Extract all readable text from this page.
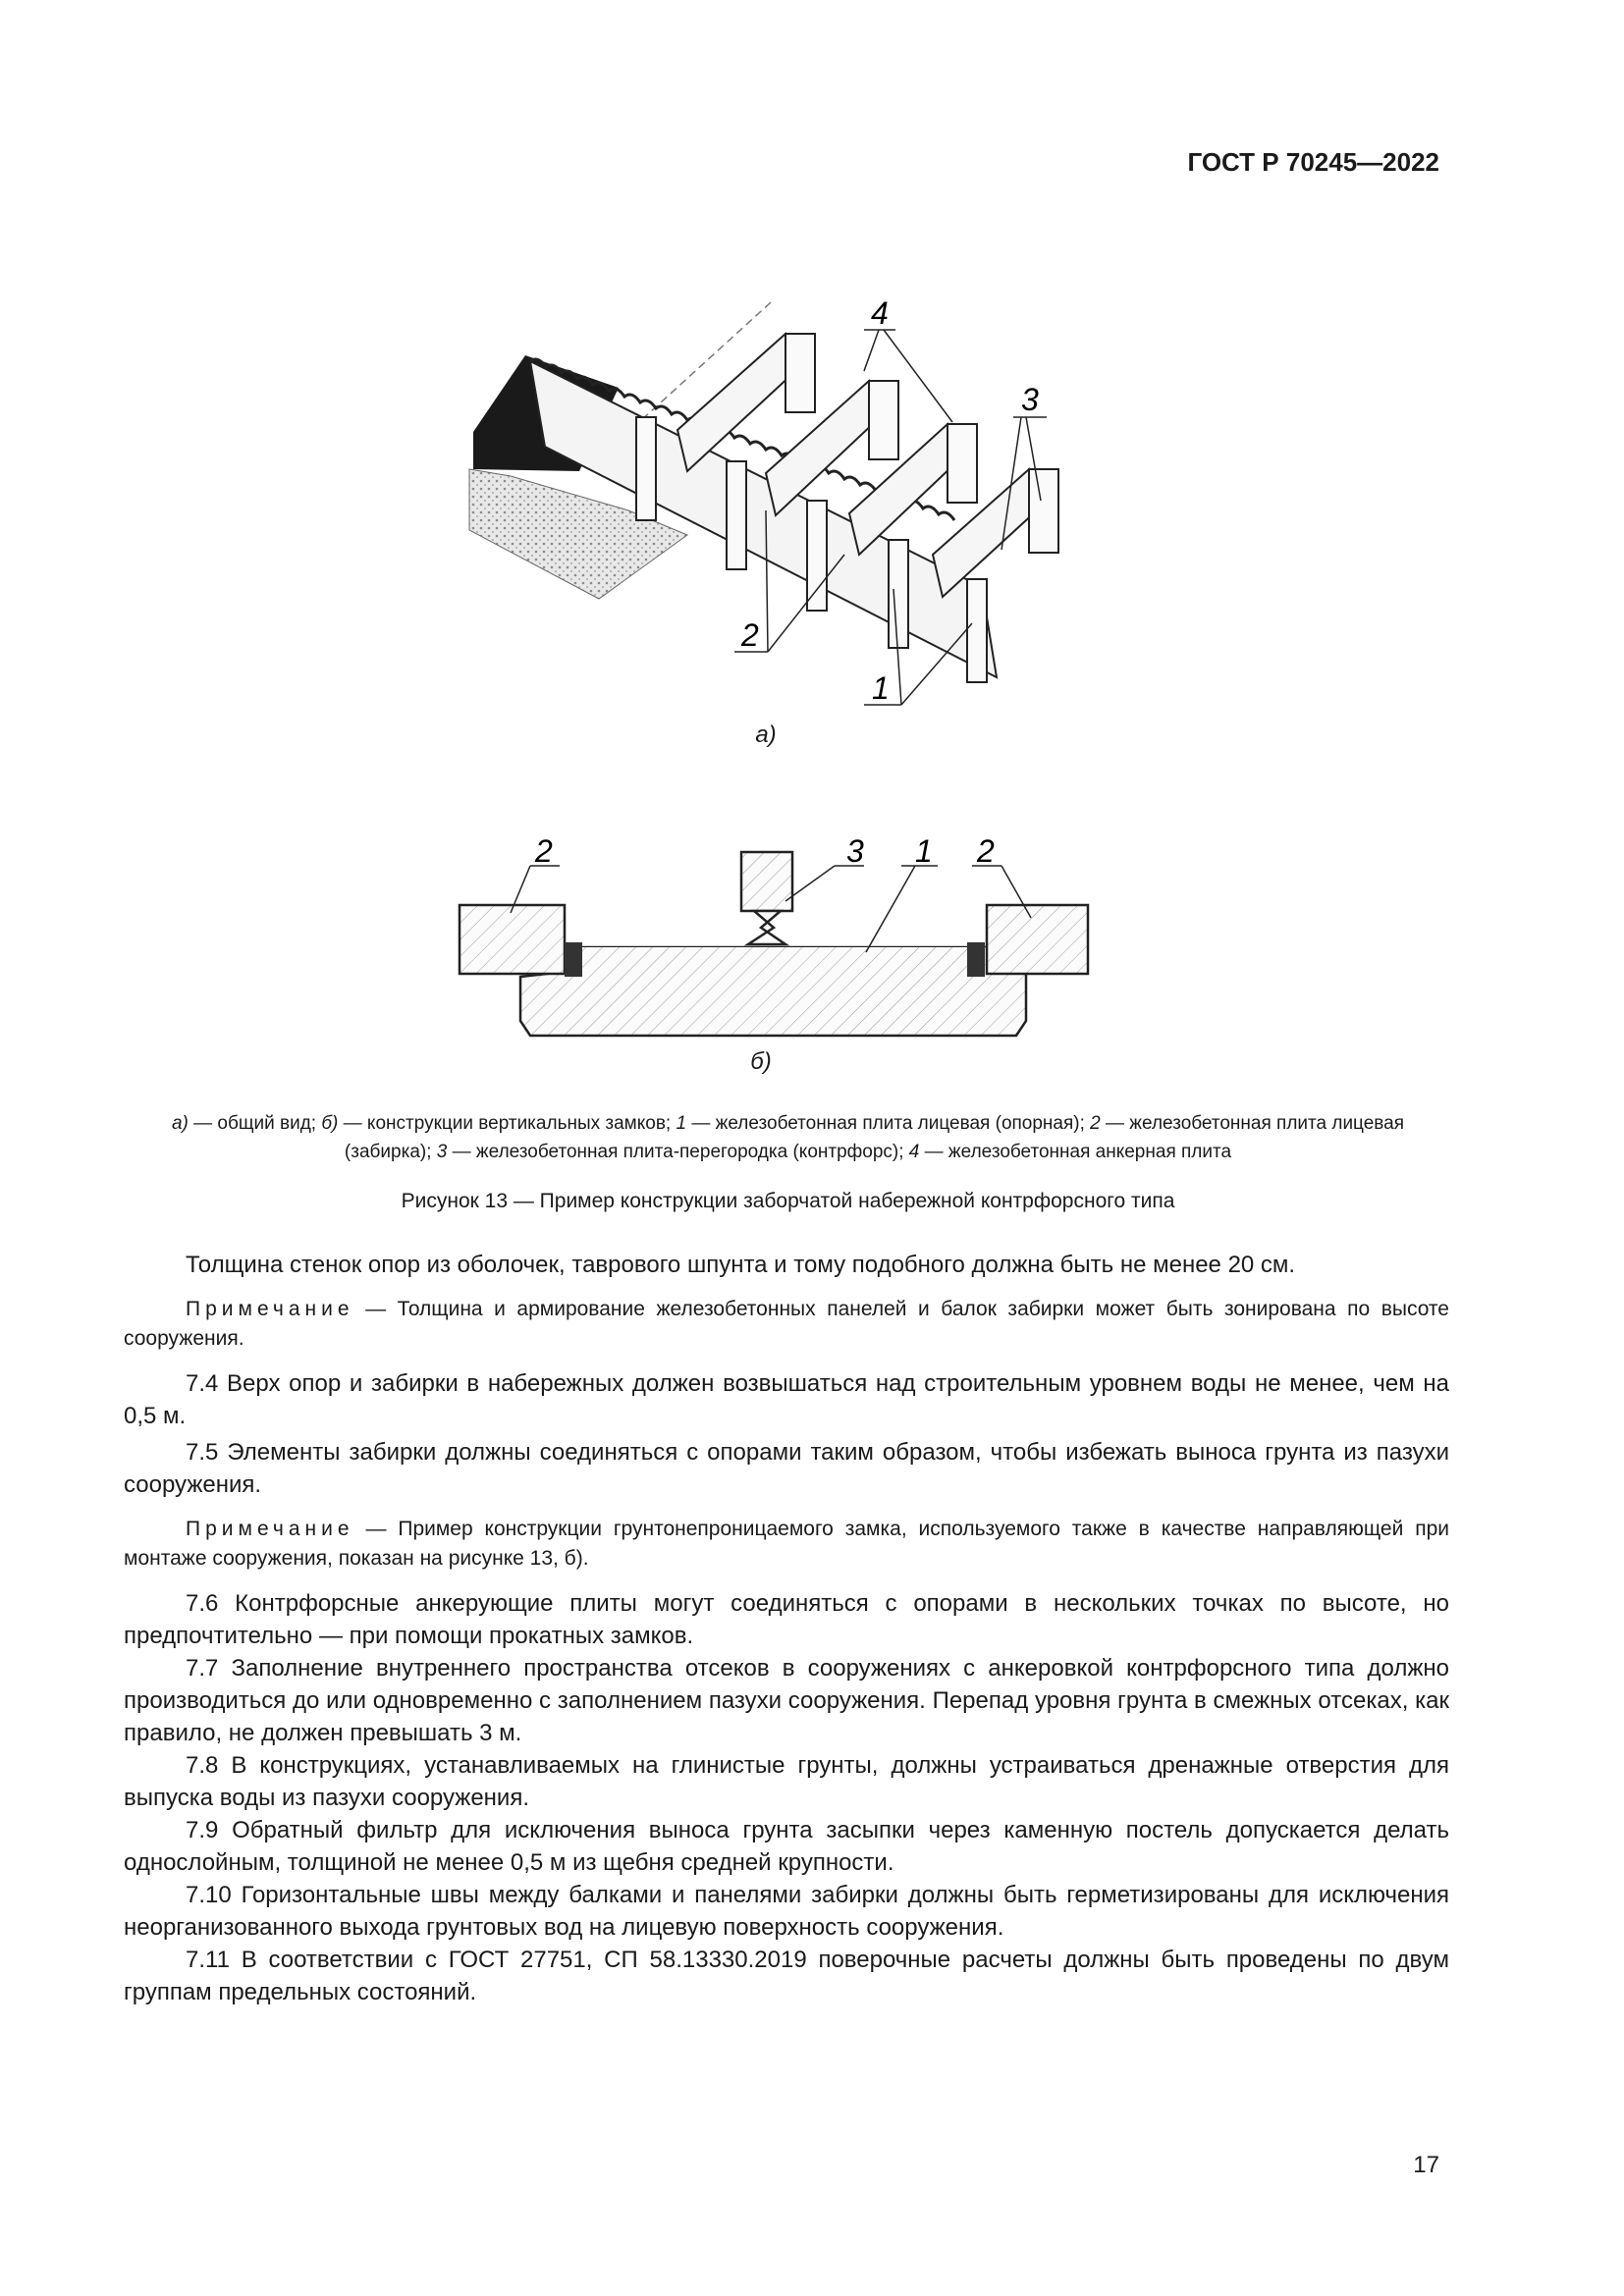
ГОСТ Р 70245—2022
4
3
2
1
а)
2	3 1 2
б)
а) — общий вид; б) — конструкции вертикальных замков; 1 — железобетонная плита лицевая (опорная); 2 — железобетонная плита лицевая (забирка); 3 — железобетонная плита-перегородка (контрфорс); 4 — железобетонная анкерная плита
Рисунок 13 — Пример конструкции заборчатой набережной контрфорсного типа

Толщина стенок опор из оболочек, таврового шпунта и тому подобного должна быть не менее 20 см.

Примечание — Толщина и армирование железобетонных панелей и балок забирки может быть зонирована по высоте сооружения.

7.4 Верх опор и забирки в набережных должен возвышаться над строительным уровнем воды не менее, чем на 0,5 м.

7.5 Элементы забирки должны соединяться с опорами таким образом, чтобы избежать выноса грунта из пазухи сооружения.

Примечание — Пример конструкции грунтонепроницаемого замка, используемого также в качестве направляющей при монтаже сооружения, показан на рисунке 13, б).

7.6 Контрфорсные анкерующие плиты могут соединяться с опорами в нескольких точках по высоте, но предпочтительно — при помощи прокатных замков.

7.7 Заполнение внутреннего пространства отсеков в сооружениях с анкеровкой контрфорсного типа должно производиться до или одновременно с заполнением пазухи сооружения. Перепад уровня грунта в смежных отсеках, как правило, не должен превышать 3 м.

7.8 В конструкциях, устанавливаемых на глинистые грунты, должны устраиваться дренажные отверстия для выпуска воды из пазухи сооружения.

7.9 Обратный фильтр для исключения выноса грунта засыпки через каменную постель допускается делать однослойным, толщиной не менее 0,5 м из щебня средней крупности.

7.10 Горизонтальные швы между балками и панелями забирки должны быть герметизированы для исключения неорганизованного выхода грунтовых вод на лицевую поверхность сооружения.

7.11 В соответствии с ГОСТ 27751, СП 58.13330.2019 поверочные расчеты должны быть проведены по двум группам предельных состояний.

17
